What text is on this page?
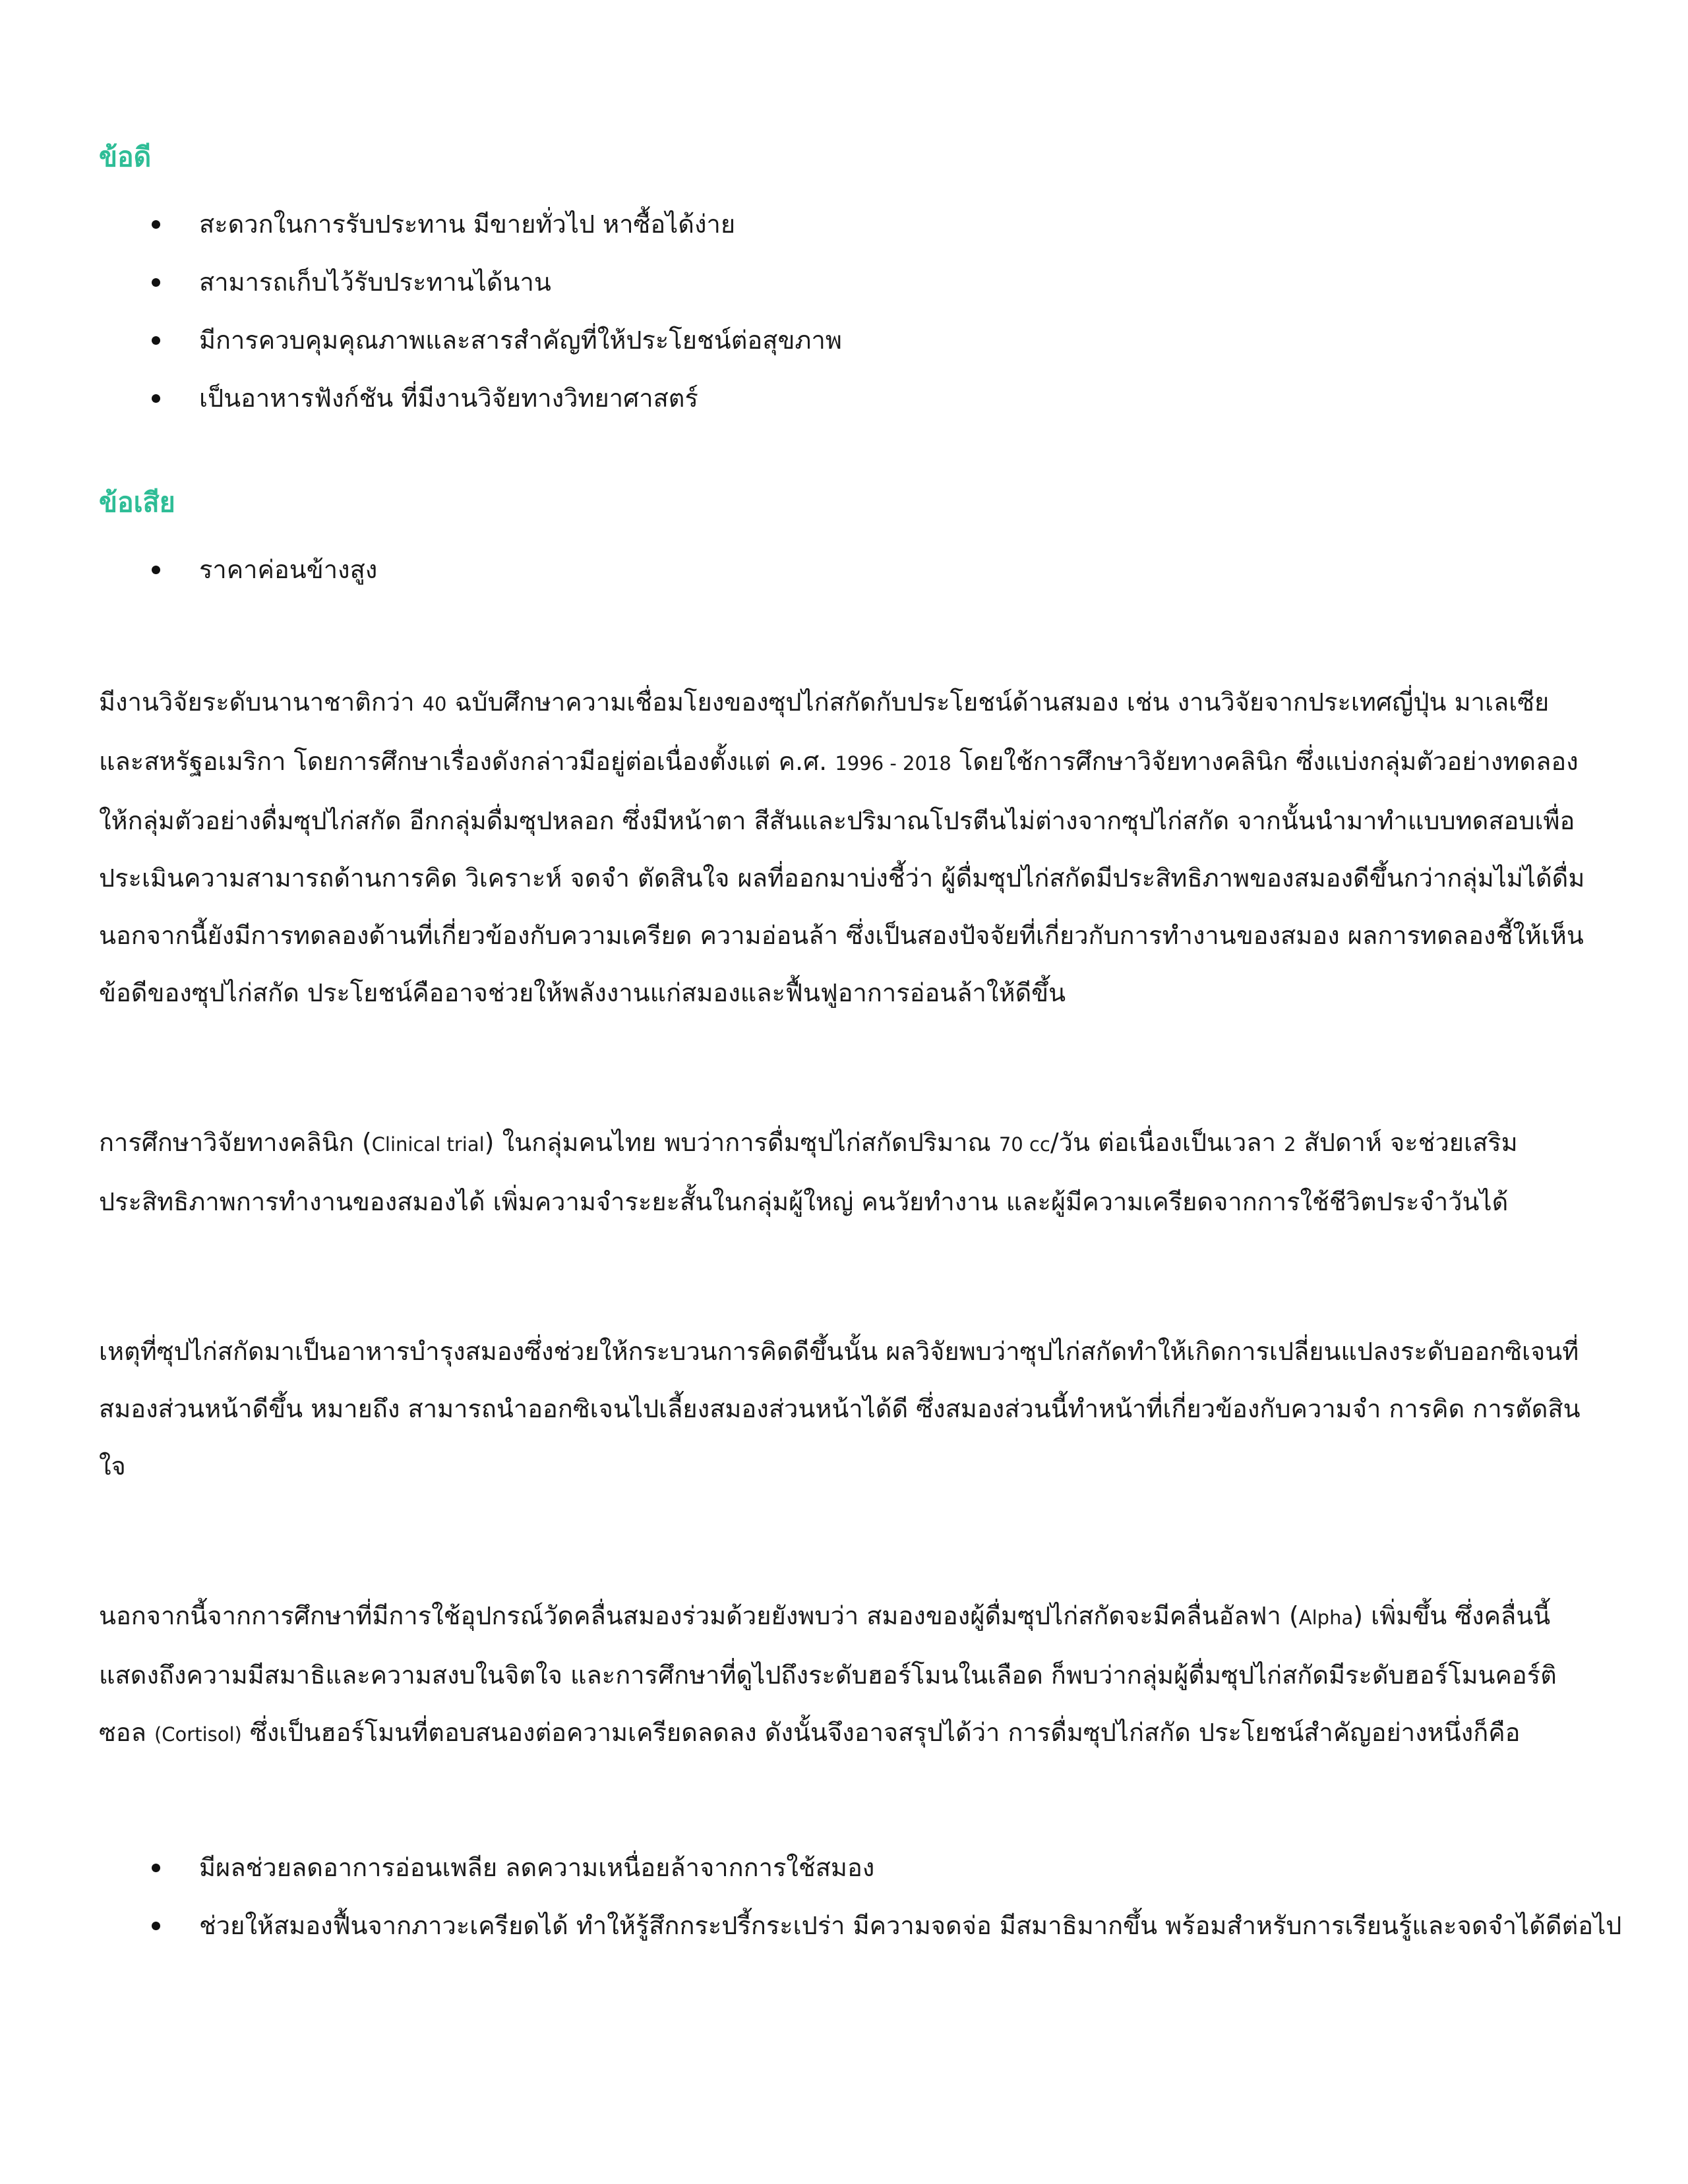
ข้อดี
สะดวกในการรับประทาน มีขายทั่วไป หาซื้อได้ง่าย
สามารถเก็บไว้รับประทานได้นาน
มีการควบคุมคุณภาพและสารสำคัญที่ให้ประโยชน์ต่อสุขภาพ
เป็นอาหารฟังก์ชัน ที่มีงานวิจัยทางวิทยาศาสตร์
ข้อเสีย
ราคาค่อนข้างสูง

มีงานวิจัยระดับนานาชาติกว่า 40 ฉบับศึกษาความเชื่อมโยงของซุปไก่สกัดกับประโยชน์ด้านสมอง เช่น งานวิจัยจากประเทศญี่ปุ่น มาเลเซีย และสหรัฐอเมริกา โดยการศึกษาเรื่องดังกล่าวมีอยู่ต่อเนื่องตั้งแต่ ค.ศ. 1996 - 2018 โดยใช้การศึกษาวิจัยทางคลินิก ซึ่งแบ่งกลุ่มตัวอย่างทดลองให้กลุ่มตัวอย่างดื่มซุปไก่สกัด อีกกลุ่มดื่มซุปหลอก ซึ่งมีหน้าตา สีสันและปริมาณโปรตีนไม่ต่างจากซุปไก่สกัด จากนั้นนำมาทำแบบทดสอบเพื่อประเมินความสามารถด้านการคิด วิเคราะห์ จดจำ ตัดสินใจ ผลที่ออกมาบ่งชี้ว่า ผู้ดื่มซุปไก่สกัดมีประสิทธิภาพของสมองดีขึ้นกว่ากลุ่มไม่ได้ดื่ม นอกจากนี้ยังมีการทดลองด้านที่เกี่ยวข้องกับความเครียด ความอ่อนล้า ซึ่งเป็นสองปัจจัยที่เกี่ยวกับการทำงานของสมอง ผลการทดลองชี้ให้เห็นข้อดีของซุปไก่สกัด ประโยชน์คืออาจช่วยให้พลังงานแก่สมองและฟื้นฟูอาการอ่อนล้าให้ดีขึ้น

การศึกษาวิจัยทางคลินิก (Clinical trial) ในกลุ่มคนไทย พบว่าการดื่มซุปไก่สกัดปริมาณ 70 cc/วัน ต่อเนื่องเป็นเวลา 2 สัปดาห์ จะช่วยเสริมประสิทธิภาพการทำงานของสมองได้ เพิ่มความจำระยะสั้นในกลุ่มผู้ใหญ่ คนวัยทำงาน และผู้มีความเครียดจากการใช้ชีวิตประจำวันได้

เหตุที่ซุปไก่สกัดมาเป็นอาหารบำรุงสมองซึ่งช่วยให้กระบวนการคิดดีขึ้นนั้น ผลวิจัยพบว่าซุปไก่สกัดทำให้เกิดการเปลี่ยนแปลงระดับออกซิเจนที่สมองส่วนหน้าดีขึ้น หมายถึง สามารถนำออกซิเจนไปเลี้ยงสมองส่วนหน้าได้ดี ซึ่งสมองส่วนนี้ทำหน้าที่เกี่ยวข้องกับความจำ การคิด การตัดสินใจ

นอกจากนี้จากการศึกษาที่มีการใช้อุปกรณ์วัดคลื่นสมองร่วมด้วยยังพบว่า สมองของผู้ดื่มซุปไก่สกัดจะมีคลื่นอัลฟา (Alpha) เพิ่มขึ้น ซึ่งคลื่นนี้แสดงถึงความมีสมาธิและความสงบในจิตใจ และการศึกษาที่ดูไปถึงระดับฮอร์โมนในเลือด ก็พบว่ากลุ่มผู้ดื่มซุปไก่สกัดมีระดับฮอร์โมนคอร์ติซอล (Cortisol) ซึ่งเป็นฮอร์โมนที่ตอบสนองต่อความเครียดลดลง ดังนั้นจึงอาจสรุปได้ว่า การดื่มซุปไก่สกัด ประโยชน์สำคัญอย่างหนึ่งก็คือ

มีผลช่วยลดอาการอ่อนเพลีย ลดความเหนื่อยล้าจากการใช้สมอง
ช่วยให้สมองฟื้นจากภาวะเครียดได้ ทำให้รู้สึกกระปรี้กระเปร่า มีความจดจ่อ มีสมาธิมากขึ้น พร้อมสำหรับการเรียนรู้และจดจำได้ดีต่อไป
